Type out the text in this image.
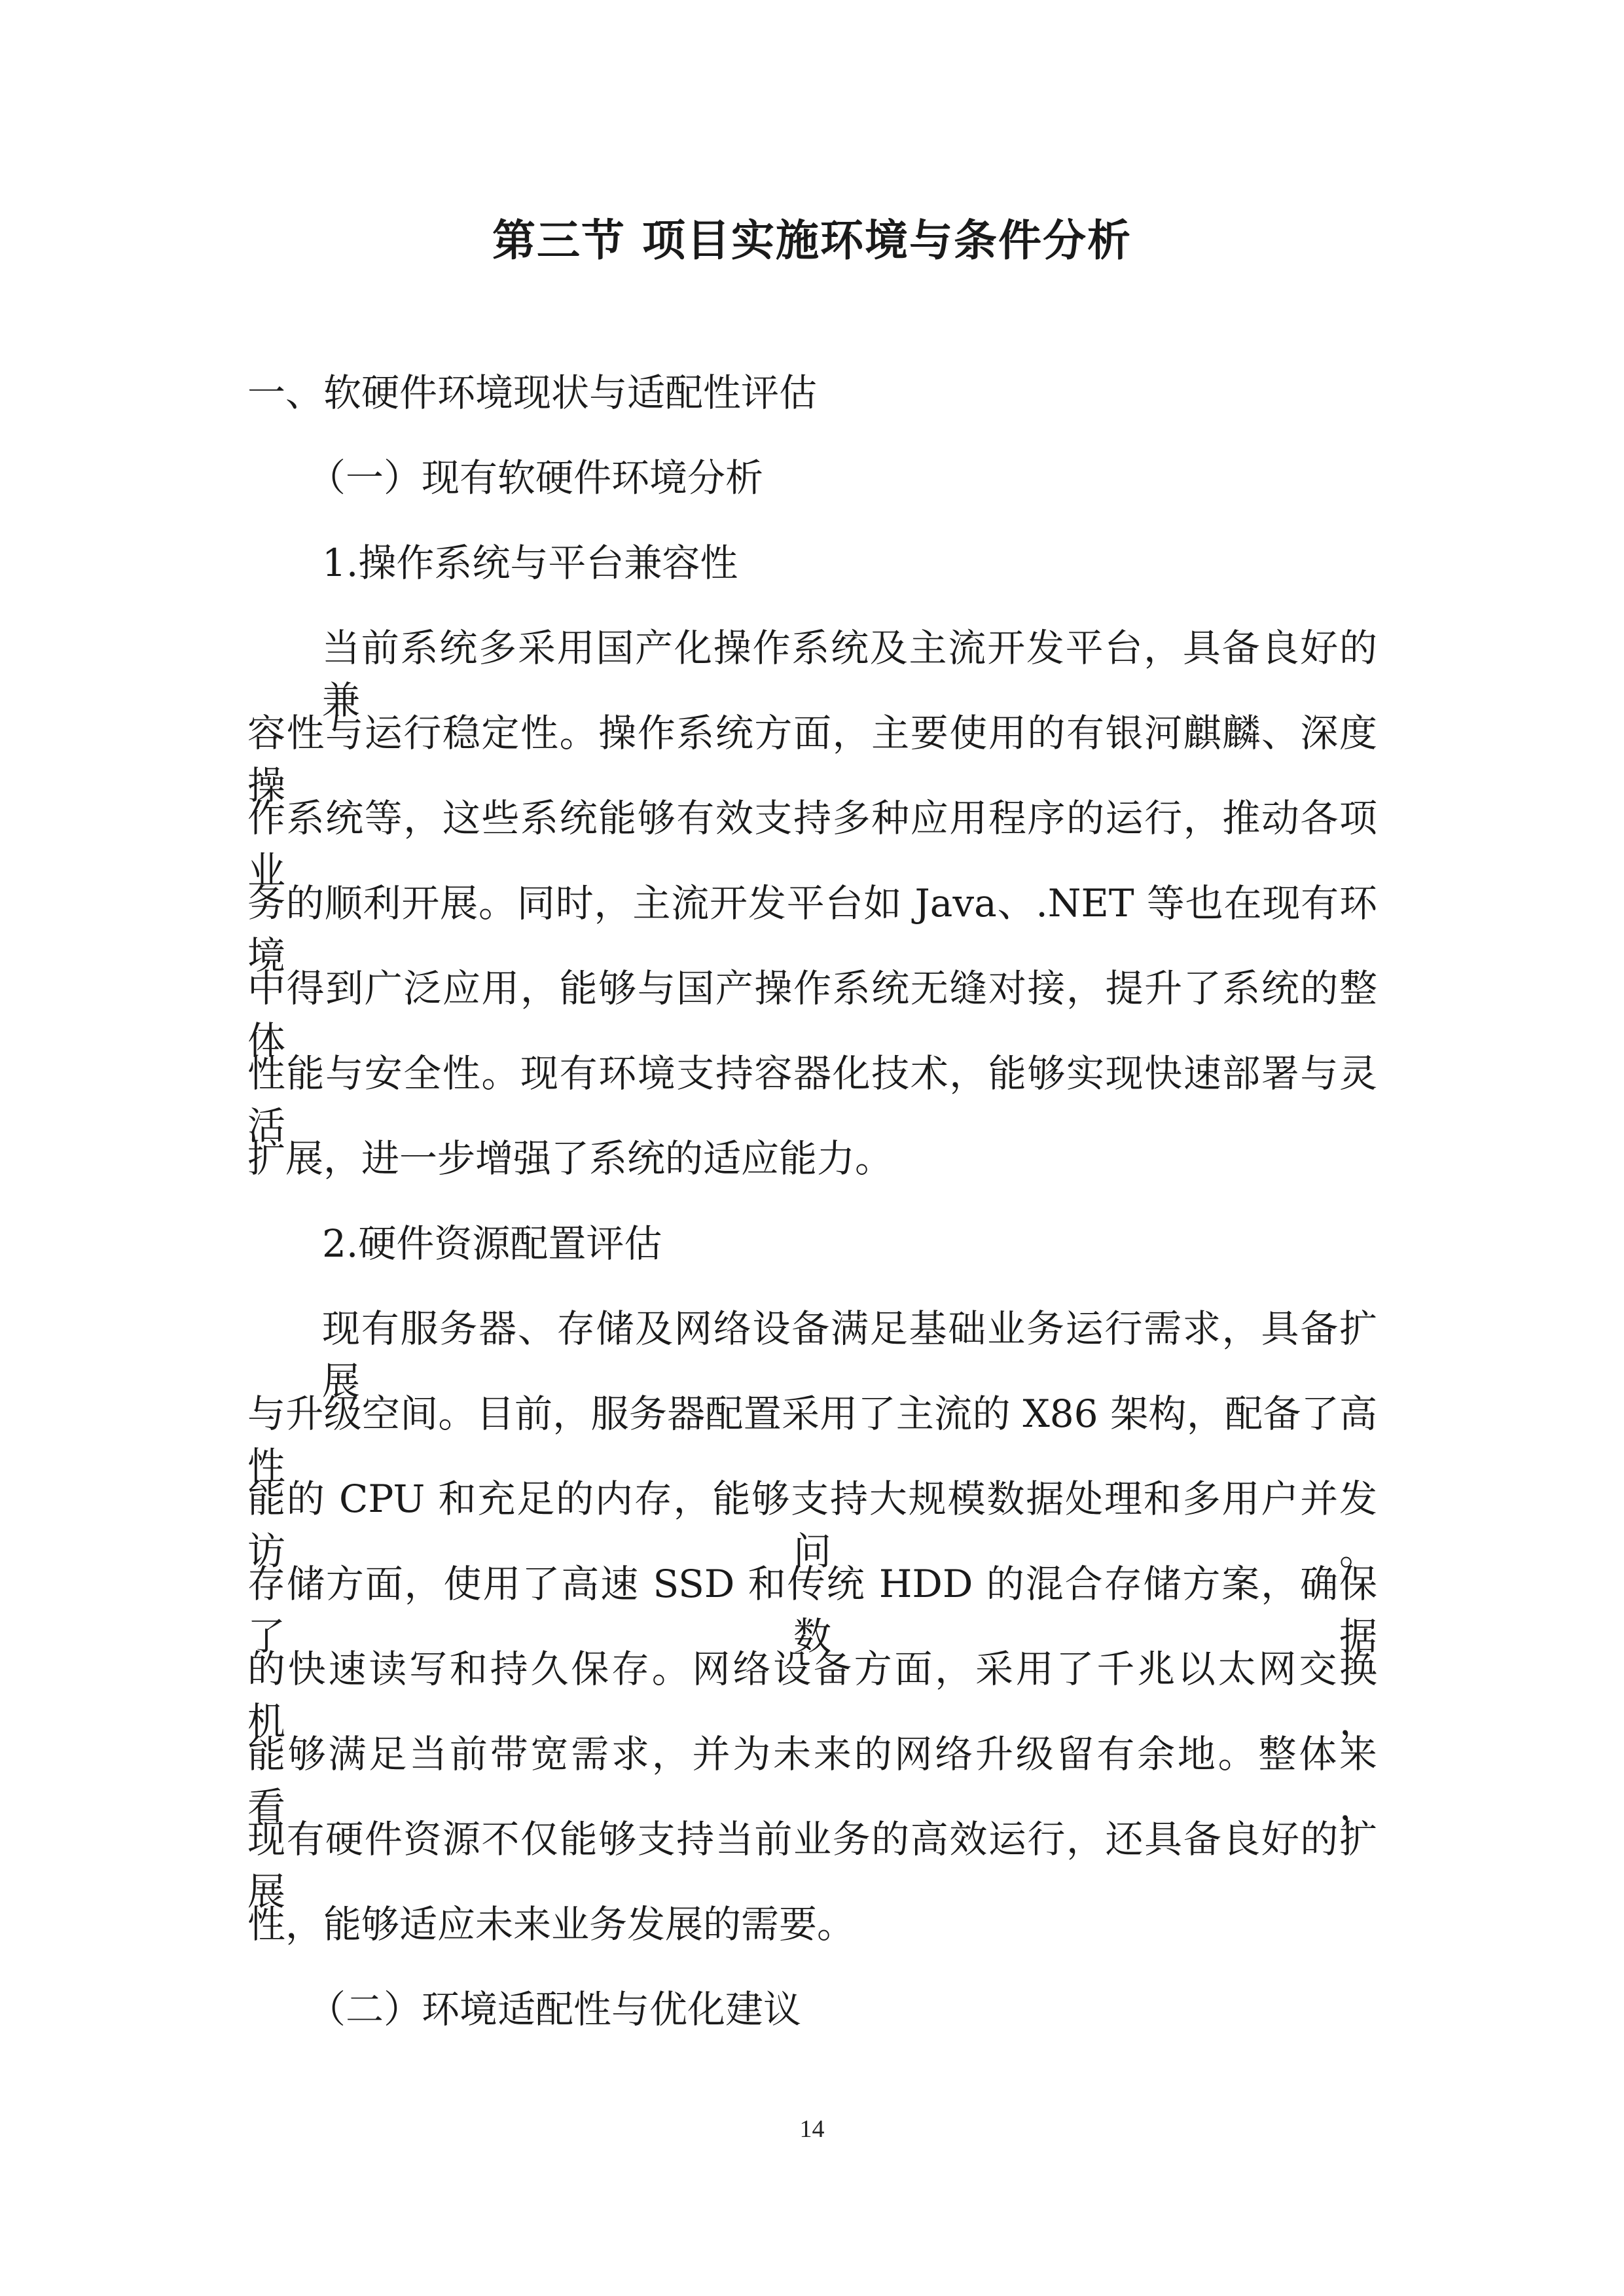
第三节 项目实施环境与条件分析
一、软硬件环境现状与适配性评估
（一）现有软硬件环境分析
1.操作系统与平台兼容性
当前系统多采用国产化操作系统及主流开发平台，具备良好的兼
容性与运行稳定性。操作系统方面，主要使用的有银河麒麟、深度操
作系统等，这些系统能够有效支持多种应用程序的运行，推动各项业
务的顺利开展。同时，主流开发平台如 Java、.NET 等也在现有环境
中得到广泛应用，能够与国产操作系统无缝对接，提升了系统的整体
性能与安全性。现有环境支持容器化技术，能够实现快速部署与灵活
扩展，进一步增强了系统的适应能力。
2.硬件资源配置评估
现有服务器、存储及网络设备满足基础业务运行需求，具备扩展
与升级空间。目前，服务器配置采用了主流的 X86 架构，配备了高性
能的 CPU 和充足的内存，能够支持大规模数据处理和多用户并发访问。
存储方面，使用了高速 SSD 和传统 HDD 的混合存储方案，确保了数据
的快速读写和持久保存。网络设备方面，采用了千兆以太网交换机，
能够满足当前带宽需求，并为未来的网络升级留有余地。整体来看，
现有硬件资源不仅能够支持当前业务的高效运行，还具备良好的扩展
性，能够适应未来业务发展的需要。
（二）环境适配性与优化建议
14
